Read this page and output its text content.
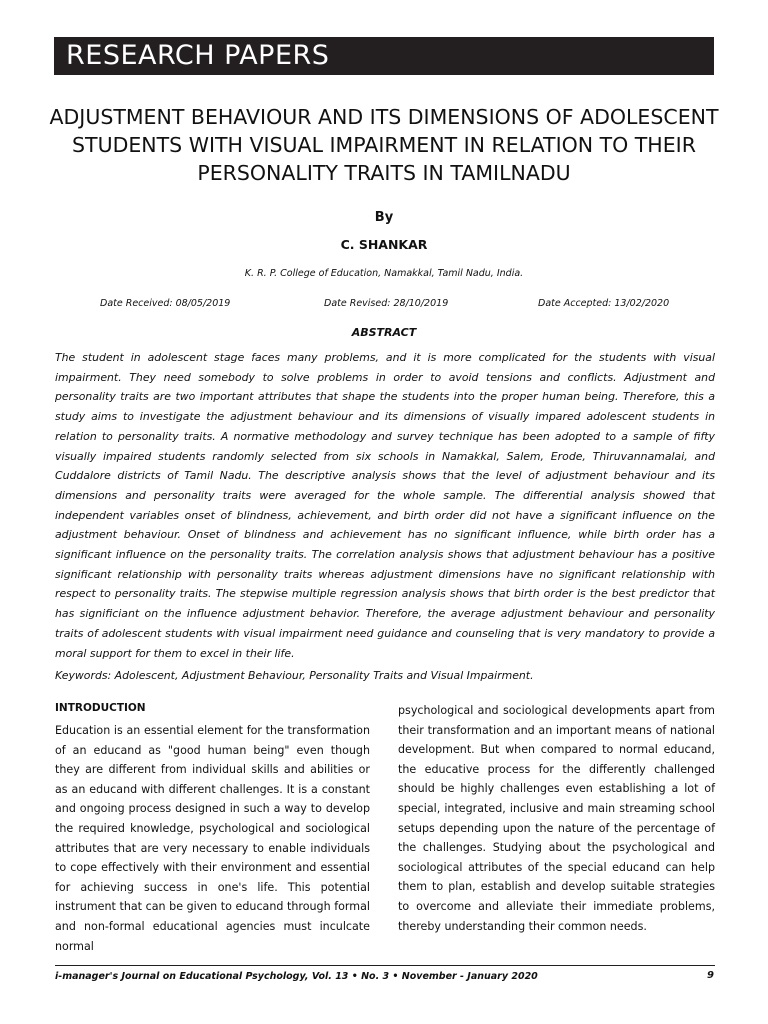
RESEARCH PAPERS
ADJUSTMENT BEHAVIOUR AND ITS DIMENSIONS OF ADOLESCENT STUDENTS WITH VISUAL IMPAIRMENT IN RELATION TO THEIR PERSONALITY TRAITS IN TAMILNADU
By
C. SHANKAR
K. R. P. College of Education, Namakkal, Tamil Nadu, India.
Date Received: 08/05/2019	Date Revised: 28/10/2019	Date Accepted: 13/02/2020
ABSTRACT
The student in adolescent stage faces many problems, and it is more complicated for the students with visual impairment. They need somebody to solve problems in order to avoid tensions and conflicts. Adjustment and personality traits are two important attributes that shape the students into the proper human being. Therefore, this a study aims to investigate the adjustment behaviour and its dimensions of visually impared adolescent students in relation to personality traits. A normative methodology and survey technique has been adopted to a sample of fifty visually impaired students randomly selected from six schools in Namakkal, Salem, Erode, Thiruvannamalai, and Cuddalore districts of Tamil Nadu. The descriptive analysis shows that the level of adjustment behaviour and its dimensions and personality traits were averaged for the whole sample. The differential analysis showed that independent variables onset of blindness, achievement, and birth order did not have a significant influence on the adjustment behaviour. Onset of blindness and achievement has no significant influence, while birth order has a significant influence on the personality traits. The correlation analysis shows that adjustment behaviour has a positive significant relationship with personality traits whereas adjustment dimensions have no significant relationship with respect to personality traits. The stepwise multiple regression analysis shows that birth order is the best predictor that has significiant on the influence adjustment behavior. Therefore, the average adjustment behaviour and personality traits of adolescent students with visual impairment need guidance and counseling that is very mandatory to provide a moral support for them to excel in their life.
Keywords: Adolescent, Adjustment Behaviour, Personality Traits and Visual Impairment.
INTRODUCTION
Education is an essential element for the transformation of an educand as "good human being" even though they are different from individual skills and abilities or as an educand with different challenges. It is a constant and ongoing process designed in such a way to develop the required knowledge, psychological and sociological attributes that are very necessary to enable individuals to cope effectively with their environment and essential for achieving success in one's life. This potential instrument that can be given to educand through formal and non-formal educational agencies must inculcate normal
psychological and sociological developments apart from their transformation and an important means of national development. But when compared to normal educand, the educative process for the differently challenged should be highly challenges even establishing a lot of special, integrated, inclusive and main streaming school setups depending upon the nature of the percentage of the challenges. Studying about the psychological and sociological attributes of the special educand can help them to plan, establish and develop suitable strategies to overcome and alleviate their immediate problems, thereby understanding their common needs.
i-manager's Journal on Educational Psychology, Vol. 13 • No. 3 • November - January 2020	9
